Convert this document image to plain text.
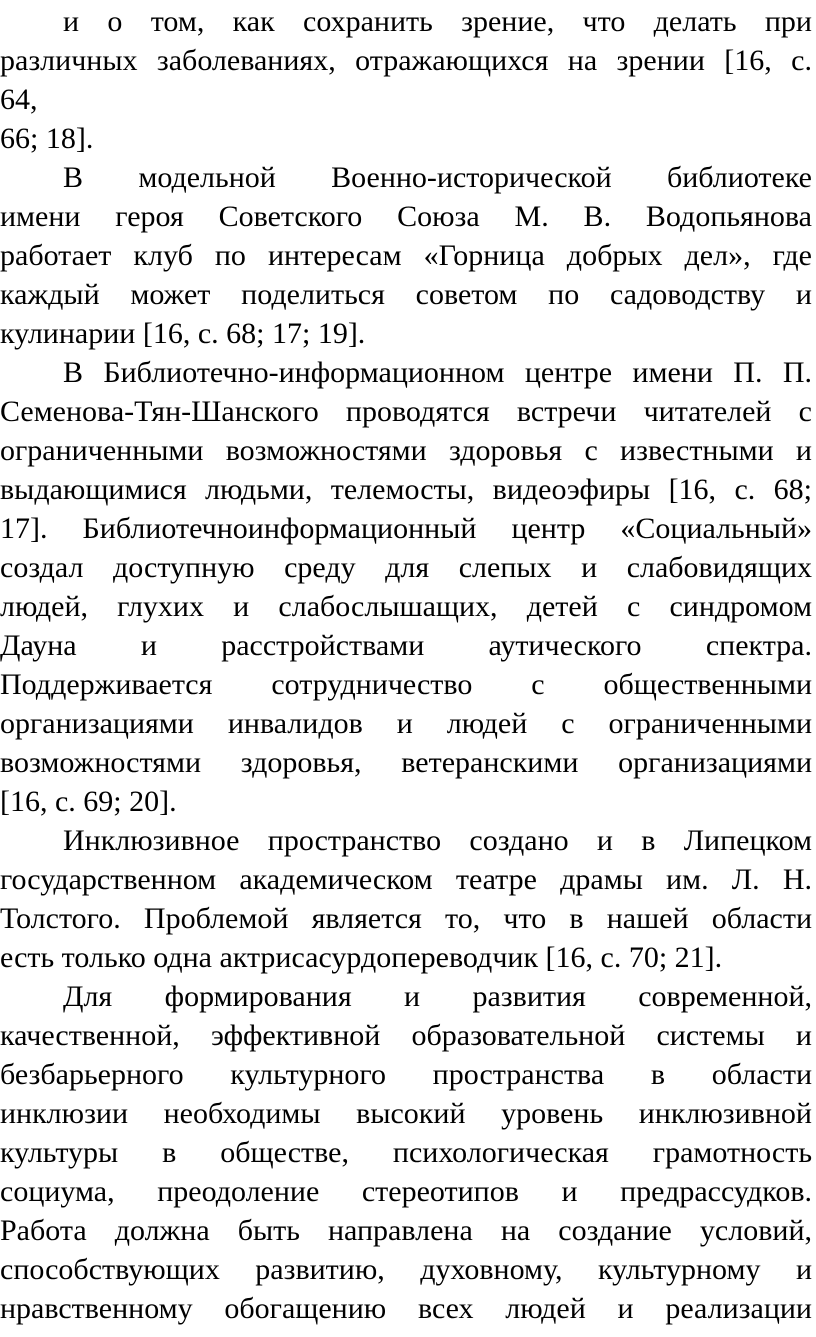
и о том, как сохранить зрение, что делать при
различных заболеваниях, отражающихся на зрении [16, с.
64,
66; 18].
В модельной Военно-исторической библиотеке
имени героя Советского Союза М. В. Водопьянова
работает клуб по интересам «Горница добрых дел», где
каждый может поделиться советом по садоводству и
кулинарии [16, с. 68; 17; 19].
В Библиотечно-информационном центре имени П. П.
Семенова-Тян-Шанского проводятся встречи читателей с
ограниченными возможностями здоровья с известными и
выдающимися людьми, телемосты, видеоэфиры [16, с. 68;
17]. Библиотечноинформационный центр «Социальный»
создал доступную среду для слепых и слабовидящих
людей, глухих и слабослышащих, детей с синдромом
Дауна и расстройствами аутического спектра.
Поддерживается сотрудничество с общественными
организациями инвалидов и людей с ограниченными
возможностями здоровья, ветеранскими организациями
[16, с. 69; 20].
Инклюзивное пространство создано и в Липецком
государственном академическом театре драмы им. Л. Н.
Толстого. Проблемой является то, что в нашей области
есть только одна актрисасурдопереводчик [16, с. 70; 21].
Для формирования и развития современной,
качественной, эффективной образовательной системы и
безбарьерного культурного пространства в области
инклюзии необходимы высокий уровень инклюзивной
культуры в обществе, психологическая грамотность
социума, преодоление стереотипов и предрассудков.
Работа должна быть направлена на создание условий,
способствующих развитию, духовному, культурному и
нравственному обогащению всех людей и реализации
